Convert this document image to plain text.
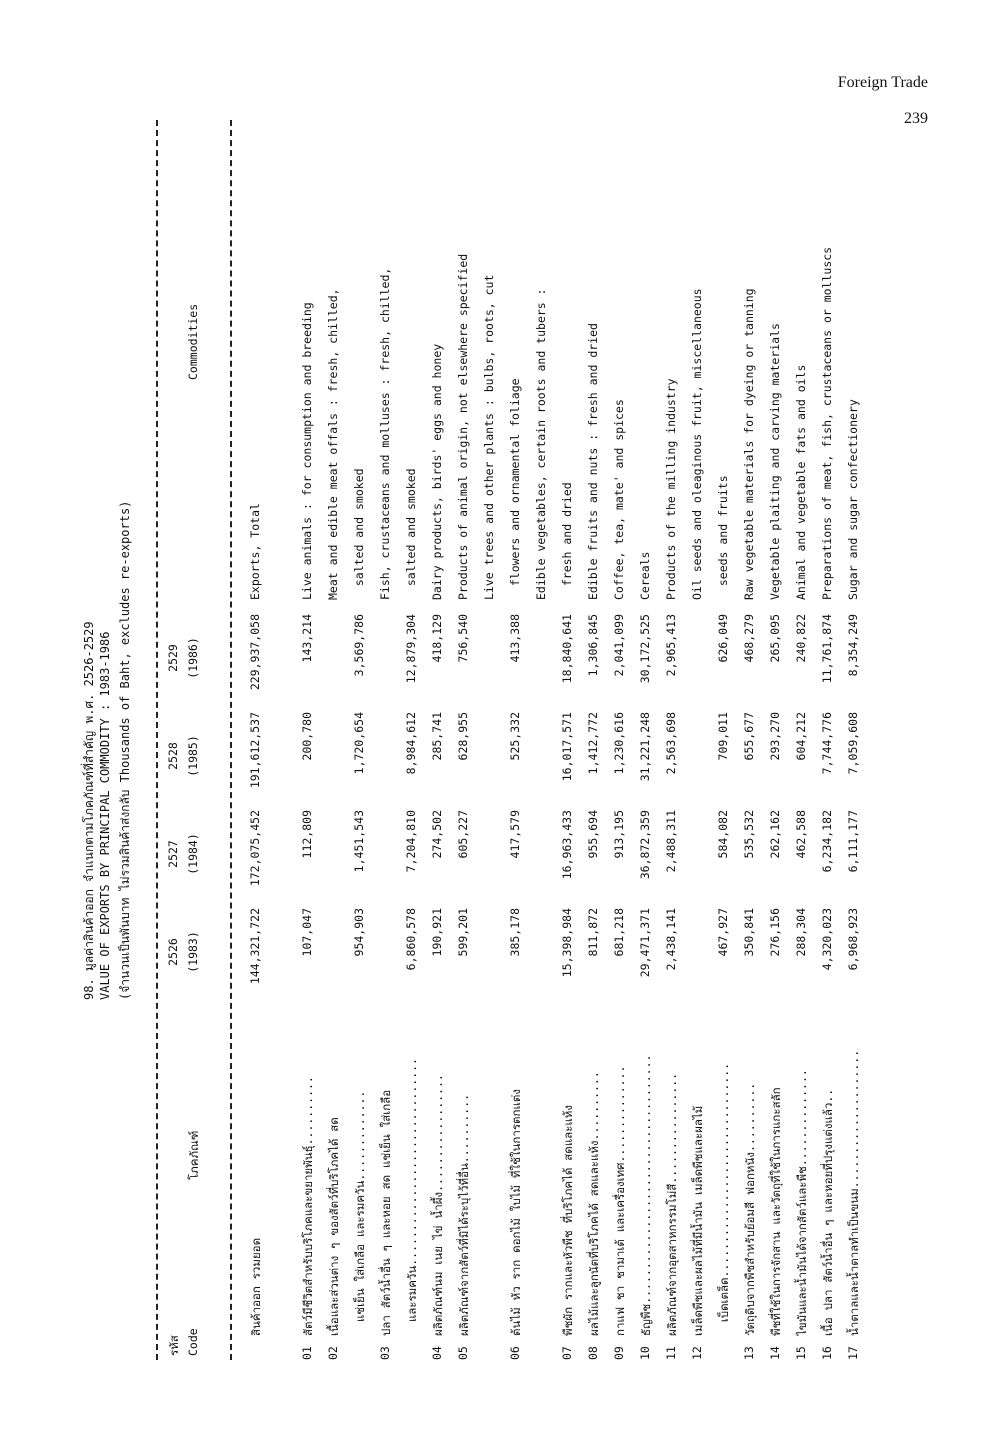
Foreign Trade
239
98. มูลค่าสินค้าออก จำแนกตามโภคภัณฑ์ที่สำคัญ พ.ศ. 2526-2529 VALUE OF EXPORTS BY PRINCIPAL COMMODITY : 1983-1986 (จำนวนเป็นพันบาท ไม่รวมสินค้าส่งกลับ Thousands of Baht, excludes re-exports)
รหัส Code
โภคภัณฑ์
2526 (1983)
2527 (1984)
2528 (1985)
2529 (1986)
Commodities
สินค้าออก รวมยอด
144,321,722
172,075,452
191,612,537
229,937,058
Exports, Total
01
สัตว์มีชีวิตสำหรับบริโภคและขยายพันธุ์..........
107,047
112,809
200,780
143,214
Live animals : for consumption and breeding
02
เนื้อและส่วนต่าง ๆ ของสัตว์ที่บริโภคได้ สด
Meat and edible meat offals : fresh, chilled,
แช่เย็น ใส่เกลือ และรมควัน.............
954,903
1,451,543
1,720,654
3,569,786
salted and smoked
03
ปลา สัตว์น้ำอื่น ๆ และหอย สด แช่เย็น ใส่เกลือ
Fish, crustaceans and molluses : fresh, chilled,
และรมควัน..............................
6,860,578
7,204,810
8,984,612
12,879,304
salted and smoked
04
ผลิตภัณฑ์นม เนย ไข่ น้ำผึ้ง.................
190,921
274,502
285,741
418,129
Dairy products, birds' eggs and honey
05
ผลิตภัณฑ์จากสัตว์ที่มิได้ระบุไว้ที่อื่น..........
599,201
605,227
628,955
756,540
Products of animal origin, not elsewhere specified Live trees and other plants : bulbs, roots, cut
06
ต้นไม้ หัว ราก ดอกไม้ ใบไม้ ที่ใช้ในการตกแต่ง
385,178
417,579
525,332
413,388
flowers and ornamental foliage Edible vegetables, certain roots and tubers :
07
พืชผัก รากและหัวพืช ที่บริโภคได้ สดและแห้ง
15,398,984
16,963,433
16,017,571
18,840,641
fresh and dried
08
ผลไม้และลูกนัตที่บริโภคได้ สดและแห้ง..........
811,872
955,694
1,412,772
1,306,845
Edible fruits and nuts : fresh and dried
09
กาแฟ ชา ชามาเต้ และเครื่องเทศ..............
681,218
913,195
1,230,616
2,041,099
Coffee, tea, mate' and spices
10
ธัญพืช....................................
29,471,371
36,872,359
31,221,248
30,172,525
Cereals
11
ผลิตภัณฑ์จากอุตสาหกรรมโม่สี................
2,438,141
2,488,311
2,563,698
2,965,413
Products of the milling industry
12
เมล็ดพืชและผลไม้ที่มีน้ำมัน เมล็ดพืชและผลไม้
Oil seeds and oleaginous fruit, miscellaneous
เบ็ดเตล็ด...............................
467,927
584,082
709,011
626,049
seeds and fruits
13
วัตถุดิบจากพืชสำหรับย้อมสี ฟอกหนัง..........
350,841
535,532
655,677
468,279
Raw vegetable materials for dyeing or tanning
14
พืชที่ใช้ในการจักสาน และวัตถุที่ใช้ในการแกะสลัก
276,156
262,162
293,270
265,095
Vegetable plaiting and carving materials
15
ไขมันและน้ำมันได้จากสัตว์และพืช..............
288,304
462,588
604,212
240,822
Animal and vegetable fats and oils
16
เนื้อ ปลา สัตว์น้ำอื่น ๆ และหอยที่ปรุงแต่งแล้ว..
4,320,023
6,234,182
7,744,776
11,761,874
Preparations of meat, fish, crustaceans or molluscs
17
น้ำตาลและน้ำตาลทำเป็นขนม....................
6,968,923
6,111,177
7,059,608
8,354,249
Sugar and sugar confectionery
